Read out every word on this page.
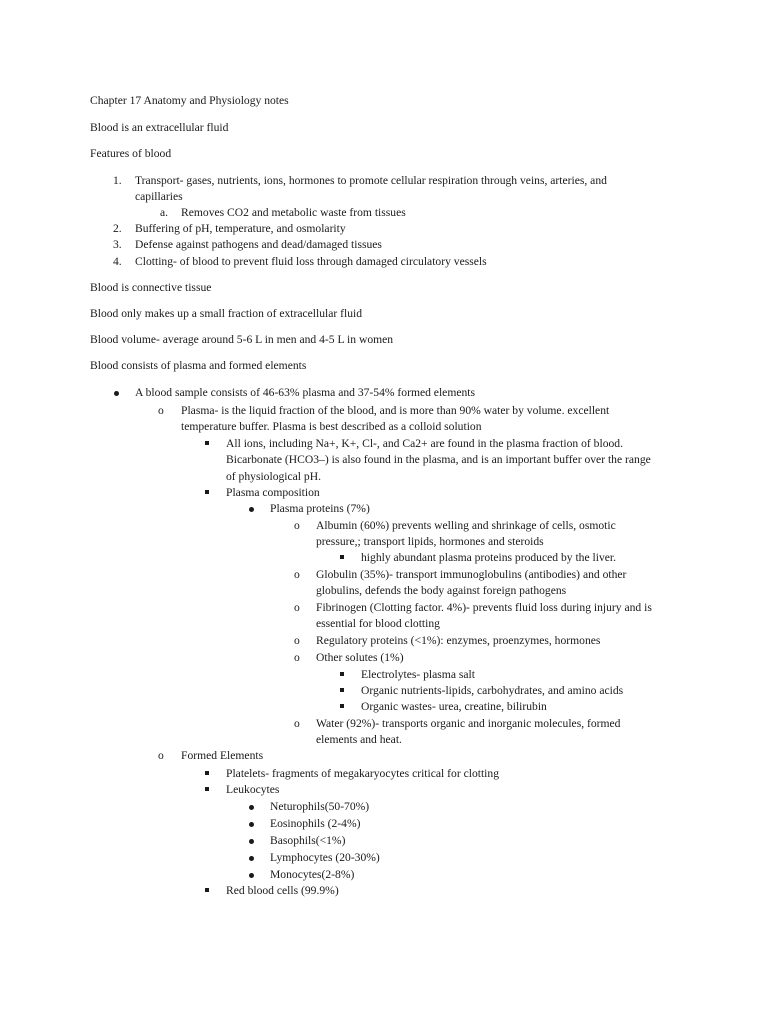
Chapter 17 Anatomy and Physiology notes
Blood is an extracellular fluid
Features of blood
1. Transport- gases, nutrients, ions, hormones to promote cellular respiration through veins, arteries, and capillaries
a. Removes CO2 and metabolic waste from tissues
2. Buffering of pH, temperature, and osmolarity
3. Defense against pathogens and dead/damaged tissues
4. Clotting- of blood to prevent fluid loss through damaged circulatory vessels
Blood is connective tissue
Blood only makes up a small fraction of extracellular fluid
Blood volume- average around 5-6 L in men and 4-5 L in women
Blood consists of plasma and formed elements
A blood sample consists of 46-63% plasma and 37-54% formed elements
o Plasma- is the liquid fraction of the blood, and is more than 90% water by volume. excellent temperature buffer. Plasma is best described as a colloid solution
All ions, including Na+, K+, Cl-, and Ca2+ are found in the plasma fraction of blood. Bicarbonate (HCO3–) is also found in the plasma, and is an important buffer over the range of physiological pH.
Plasma composition
Plasma proteins (7%)
o Albumin (60%) prevents welling and shrinkage of cells, osmotic pressure,; transport lipids, hormones and steroids
highly abundant plasma proteins produced by the liver.
o Globulin (35%)- transport immunoglobulins (antibodies) and other globulins, defends the body against foreign pathogens
o Fibrinogen (Clotting factor. 4%)- prevents fluid loss during injury and is essential for blood clotting
o Regulatory proteins (<1%): enzymes, proenzymes, hormones
o Other solutes (1%)
Electrolytes- plasma salt
Organic nutrients-lipids, carbohydrates, and amino acids
Organic wastes- urea, creatine, bilirubin
o Water (92%)- transports organic and inorganic molecules, formed elements and heat.
o Formed Elements
Platelets- fragments of megakaryocytes critical for clotting
Leukocytes
Neturophils(50-70%)
Eosinophils (2-4%)
Basophils(<1%)
Lymphocytes (20-30%)
Monocytes(2-8%)
Red blood cells (99.9%)
